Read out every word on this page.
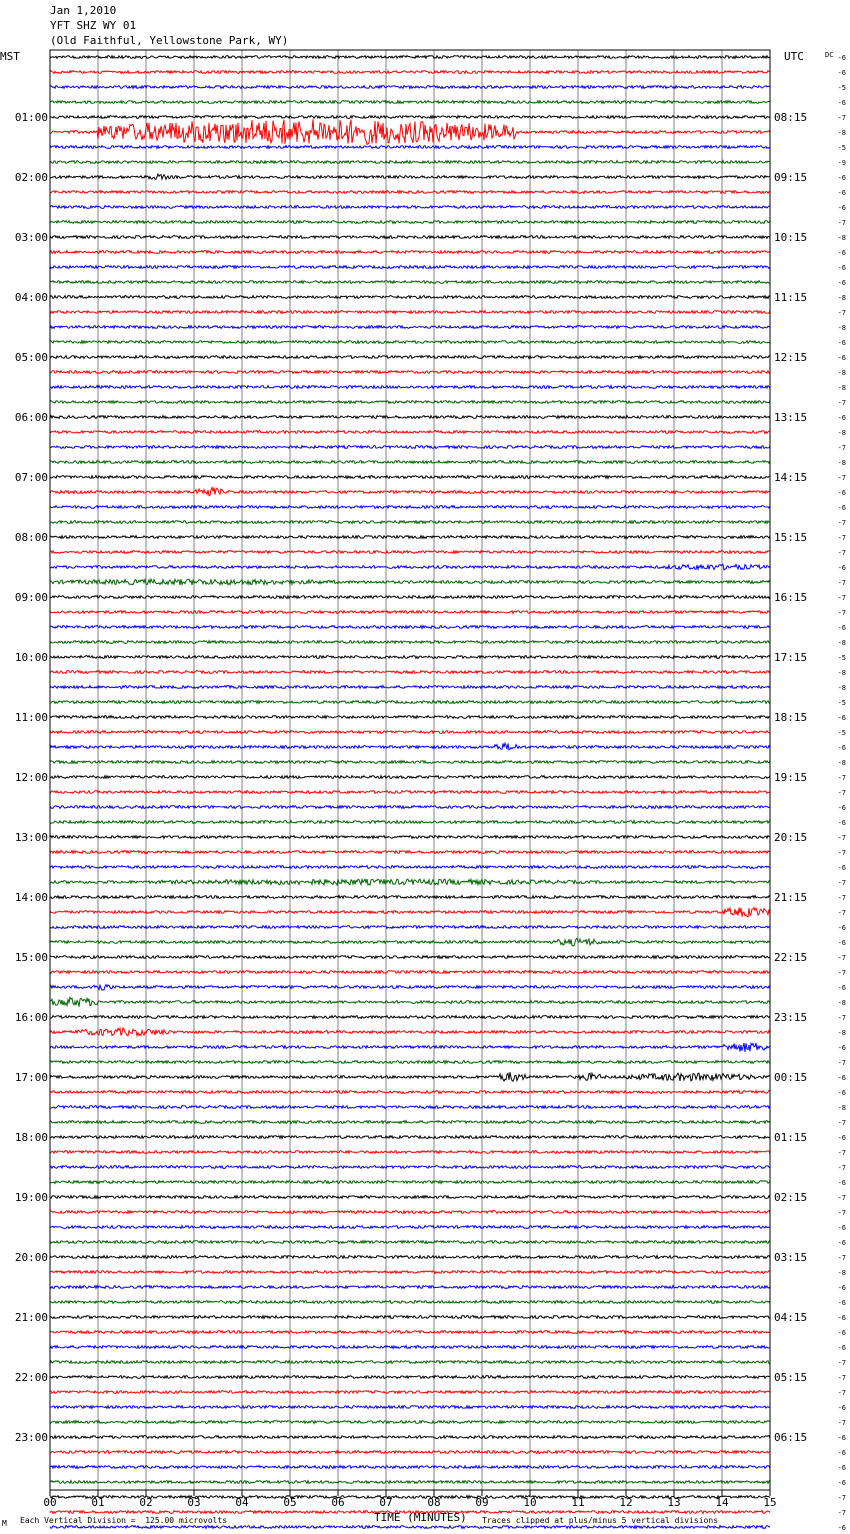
Jan 1,2010
YFT SHZ WY 01
(Old Faithful, Yellowstone Park, WY)
MST	UTC	DC
00	01	02	03	04	05	06	07	08	09	10	11	12	13	14	15
01:00	08:15
02:00	09:15
03:00	10:15
04:00	11:15
05:00	12:15
06:00	13:15
07:00	14:15
08:00	15:15
09:00	16:15
10:00	17:15
11:00	18:15
12:00	19:15
13:00	20:15
14:00	21:15
15:00	22:15
16:00	23:15
17:00	00:15
18:00	01:15
19:00	02:15
20:00	03:15
21:00	04:15
22:00	05:15
23:00	06:15
-6
-6
-5
-6
-7
-8
-5
-9
-6
-6
-6
-7
-8
-6
-6
-6
-8
-7
-8
-6
-6
-8
-8
-7
-6
-8
-7
-8
-7
-6
-6
-7
-7
-7
-6
-7
-7
-7
-6
-8
-5
-8
-8
-5
-6
-5
-6
-8
-7
-7
-6
-6
-7
-7
-6
-7
-7
-7
-6
-6
-7
-7
-6
-8
-7
-8
-6
-7
-6
-6
-8
-7
-6
-7
-7
-6
-7
-7
-6
-6
-7
-8
-6
-6
-6
-6
-6
-7
-7
-7
-6
-7
-6
-6
-6
-6
-7
-7
-6
TIME (MINUTES)
M Each Vertical Division =  125.00 microvolts	Traces clipped at plus/minus 5 vertical divisions
